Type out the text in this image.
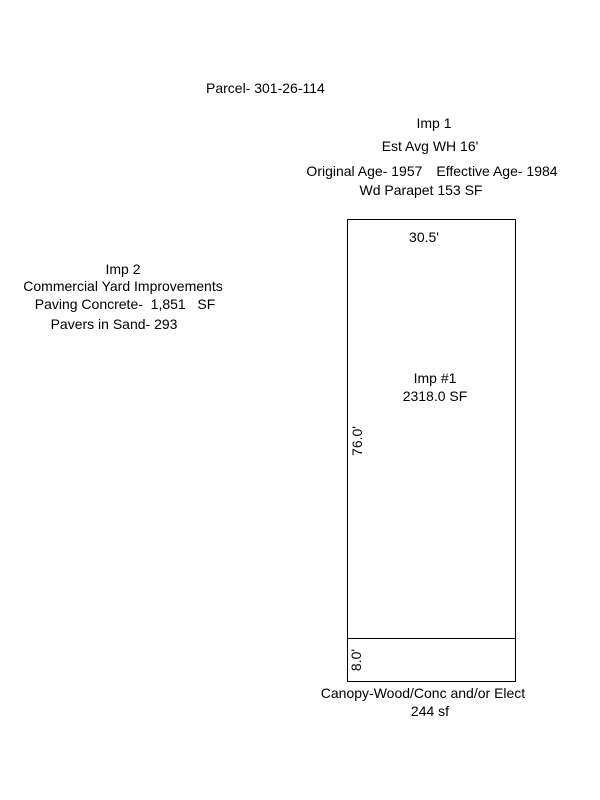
Parcel- 301-26-114
Imp 1
Est Avg WH 16'
Original Age- 1957 Effective Age- 1984
Wd Parapet 153 SF
Imp 2
Commercial Yard Improvements
Paving Concrete-  1,851   SF
Pavers in Sand- 293
30.5'
Imp #1
2318.0 SF
76.0'
8.0'
Canopy-Wood/Conc and/or Elect
244 sf
